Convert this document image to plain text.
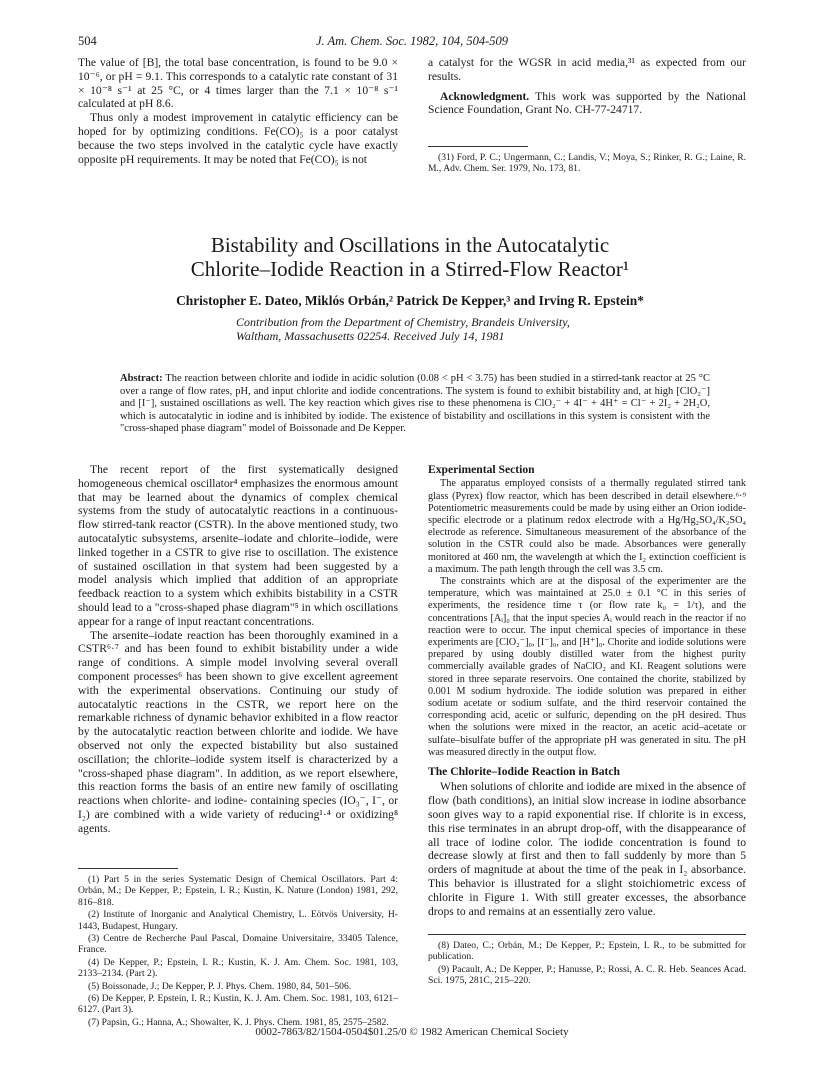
504	J. Am. Chem. Soc. 1982, 104, 504-509

The value of [B], the total base concentration, is found to be 9.0 × 10⁻⁶, or pH = 9.1. This corresponds to a catalytic rate constant of 31 × 10⁻⁸ s⁻¹ at 25 °C, or 4 times larger than the 7.1 × 10⁻⁸ s⁻¹ calculated at pH 8.6.

Thus only a modest improvement in catalytic efficiency can be hoped for by optimizing conditions. Fe(CO)₅ is a poor catalyst because the two steps involved in the catalytic cycle have exactly opposite pH requirements. It may be noted that Fe(CO)₅ is not

a catalyst for the WGSR in acid media,³¹ as expected from our results.

Acknowledgment. This work was supported by the National Science Foundation, Grant No. CH-77-24717.

(31) Ford, P. C.; Ungermann, C.; Landis, V.; Moya, S.; Rinker, R. G.; Laine, R. M., Adv. Chem. Ser. 1979, No. 173, 81.

Bistability and Oscillations in the Autocatalytic
Chlorite–Iodide Reaction in a Stirred-Flow Reactor¹
Christopher E. Dateo, Miklós Orbán,² Patrick De Kepper,³ and Irving R. Epstein*
Contribution from the Department of Chemistry, Brandeis University,
Waltham, Massachusetts 02254. Received July 14, 1981
Abstract: The reaction between chlorite and iodide in acidic solution (0.08 < pH < 3.75) has been studied in a stirred-tank reactor at 25 °C over a range of flow rates, pH, and input chlorite and iodide concentrations. The system is found to exhibit bistability and, at high [ClO₂⁻] and [I⁻], sustained oscillations as well. The key reaction which gives rise to these phenomena is ClO₂⁻ + 4I⁻ + 4H⁺ = Cl⁻ + 2I₂ + 2H₂O, which is autocatalytic in iodine and is inhibited by iodide. The existence of bistability and oscillations in this system is consistent with the "cross-shaped phase diagram" model of Boissonade and De Kepper.

The recent report of the first systematically designed homogeneous chemical oscillator⁴ emphasizes the enormous amount that may be learned about the dynamics of complex chemical systems from the study of autocatalytic reactions in a continuous-flow stirred-tank reactor (CSTR). In the above mentioned study, two autocatalytic subsystems, arsenite–iodate and chlorite–iodide, were linked together in a CSTR to give rise to oscillation. The existence of sustained oscillation in that system had been suggested by a model analysis which implied that addition of an appropriate feedback reaction to a system which exhibits bistability in a CSTR should lead to a "cross-shaped phase diagram"⁵ in which oscillations appear for a range of input reactant concentrations.

The arsenite–iodate reaction has been thoroughly examined in a CSTR⁶·⁷ and has been found to exhibit bistability under a wide range of conditions. A simple model involving several overall component processes⁶ has been shown to give excellent agreement with the experimental observations. Continuing our study of autocatalytic reactions in the CSTR, we report here on the remarkable richness of dynamic behavior exhibited in a flow reactor by the autocatalytic reaction between chlorite and iodide. We have observed not only the expected bistability but also sustained oscillation; the chlorite–iodide system itself is characterized by a "cross-shaped phase diagram". In addition, as we report elsewhere, this reaction forms the basis of an entire new family of oscillating reactions when chlorite- and iodine- containing species (IO₃⁻, I⁻, or I₂) are combined with a wide variety of reducing¹·⁴ or oxidizing⁸ agents.

(1) Part 5 in the series Systematic Design of Chemical Oscillators. Part 4: Orbán, M.; De Kepper, P.; Epstein, I. R.; Kustin, K. Nature (London) 1981, 292, 816–818.

(2) Institute of Inorganic and Analytical Chemistry, L. Eötvös University, H-1443, Budapest, Hungary.

(3) Centre de Recherche Paul Pascal, Domaine Universitaire, 33405 Talence, France.

(4) De Kepper, P.; Epstein, I. R.; Kustin, K. J. Am. Chem. Soc. 1981, 103, 2133–2134. (Part 2).

(5) Boissonade, J.; De Kepper, P. J. Phys. Chem. 1980, 84, 501–506.

(6) De Kepper, P. Epstein, I. R.; Kustin, K. J. Am. Chem. Soc. 1981, 103, 6121–6127. (Part 3).

(7) Papsin, G.; Hanna, A.; Showalter, K. J. Phys. Chem. 1981, 85, 2575–2582.

Experimental Section

The apparatus employed consists of a thermally regulated stirred tank glass (Pyrex) flow reactor, which has been described in detail elsewhere.⁶·⁹ Potentiometric measurements could be made by using either an Orion iodide-specific electrode or a platinum redox electrode with a Hg/Hg₂SO₄/K₂SO₄ electrode as reference. Simultaneous measurement of the absorbance of the solution in the CSTR could also be made. Absorbances were generally monitored at 460 nm, the wavelength at which the I₂ extinction coefficient is a maximum. The path length through the cell was 3.5 cm.

The constraints which are at the disposal of the experimenter are the temperature, which was maintained at 25.0 ± 0.1 °C in this series of experiments, the residence time τ (or flow rate k₀ = 1/τ), and the concentrations [Aᵢ]₀ that the input species Aᵢ would reach in the reactor if no reaction were to occur. The input chemical species of importance in these experiments are [ClO₂⁻]₀, [I⁻]₀, and [H⁺]₀. Chorite and iodide solutions were prepared by using doubly distilled water from the highest purity commercially available grades of NaClO₂ and KI. Reagent solutions were stored in three separate reservoirs. One contained the chorite, stabilized by 0.001 M sodium hydroxide. The iodide solution was prepared in either sodium acetate or sodium sulfate, and the third reservoir contained the corresponding acid, acetic or sulfuric, depending on the pH desired. Thus when the solutions were mixed in the reactor, an acetic acid–acetate or sulfate–bisulfate buffer of the appropriate pH was generated in situ. The pH was measured directly in the output flow.

The Chlorite–Iodide Reaction in Batch

When solutions of chlorite and iodide are mixed in the absence of flow (bath conditions), an initial slow increase in iodine absorbance soon gives way to a rapid exponential rise. If chlorite is in excess, this rise terminates in an abrupt drop-off, with the disappearance of all trace of iodine color. The iodide concentration is found to decrease slowly at first and then to fall suddenly by more than 5 orders of magnitude at about the time of the peak in I₂ absorbance. This behavior is illustrated for a slight stoichiometric excess of chlorite in Figure 1. With still greater excesses, the absorbance drops to and remains at an essentially zero value.

(8) Dateo, C.; Orbán, M.; De Kepper, P.; Epstein, I. R., to be submitted for publication.

(9) Pacault, A.; De Kepper, P.; Hanusse, P.; Rossi, A. C. R. Heb. Seances Acad. Sci. 1975, 281C, 215–220.

0002-7863/82/1504-0504$01.25/0 © 1982 American Chemical Society
